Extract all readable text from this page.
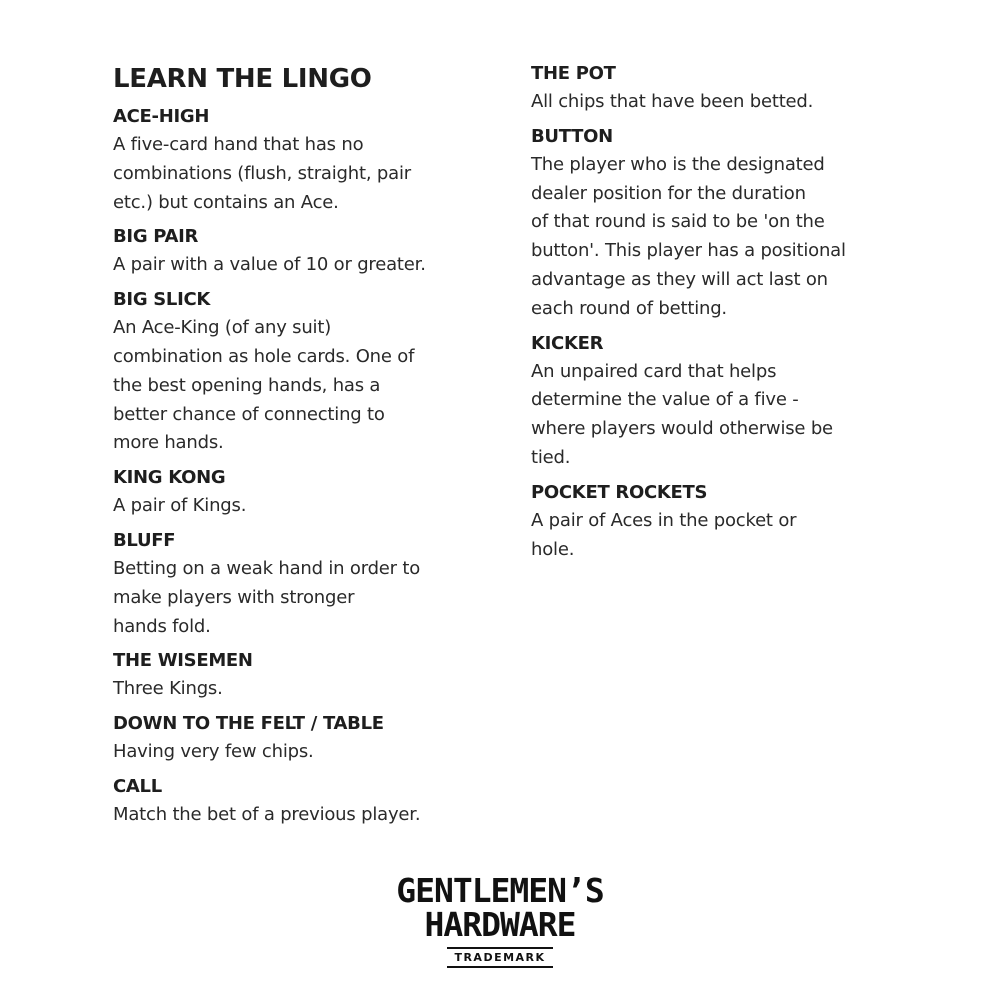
LEARN THE LINGO

ACE-HIGH

A five-card hand that has no
combinations (flush, straight, pair
etc.) but contains an Ace.

BIG PAIR

A pair with a value of 10 or greater.

BIG SLICK

An Ace-King (of any suit)
combination as hole cards. One of
the best opening hands, has a
better chance of connecting to
more hands.

KING KONG

A pair of Kings.

BLUFF

Betting on a weak hand in order to
make players with stronger
hands fold.

THE WISEMEN

Three Kings.

DOWN TO THE FELT / TABLE

Having very few chips.

CALL

Match the bet of a previous player.

THE POT

All chips that have been betted.

BUTTON

The player who is the designated
dealer position for the duration
of that round is said to be 'on the
button'. This player has a positional
advantage as they will act last on
each round of betting.

KICKER

An unpaired card that helps
determine the value of a five -
where players would otherwise be
tied.

POCKET ROCKETS

A pair of Aces in the pocket or
hole.

GENTLEMEN’S
HARDWARE
TRADEMARK
